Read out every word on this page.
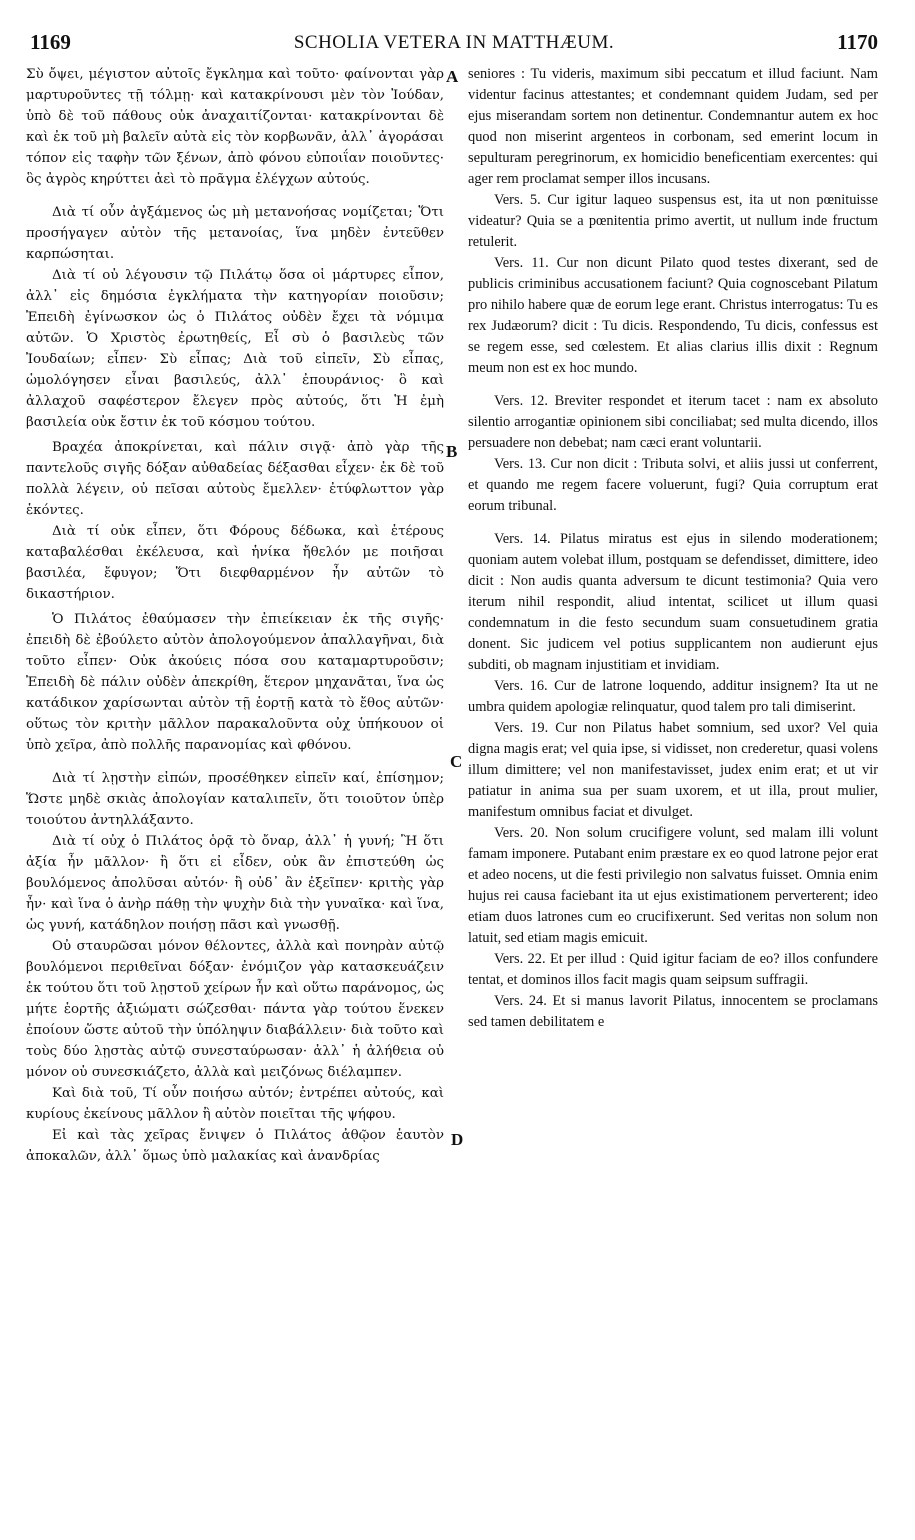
1169	SCHOLIA VETERA IN MATTHÆUM.	1170
A
B
C
D

Σὺ ὄψει, μέγιστον αὐτοῖς ἔγκλημα καὶ τοῦτο· φαίνονται γὰρ μαρτυροῦντες τῇ τόλμῃ· καὶ κατακρίνουσι μὲν τὸν Ἰούδαν, ὑπὸ δὲ τοῦ πάθους οὐκ ἀναχαιτίζονται· κατακρίνονται δὲ καὶ ἐκ τοῦ μὴ βαλεῖν αὐτὰ εἰς τὸν κορβωνᾶν, ἀλλ᾽ ἀγοράσαι τόπον εἰς ταφὴν τῶν ξένων, ἀπὸ φόνου εὐποιΐαν ποιοῦντες· ὃς ἀγρὸς κηρύττει ἀεὶ τὸ πρᾶγμα ἐλέγχων αὐτούς.

Διὰ τί οὖν ἀγξάμενος ὡς μὴ μετανοήσας νομίζεται; Ὅτι προσήγαγεν αὐτὸν τῆς μετανοίας, ἵνα μηδὲν ἐντεῦθεν καρπώσηται.

Διὰ τί οὐ λέγουσιν τῷ Πιλάτῳ ὅσα οἱ μάρτυρες εἶπον, ἀλλ᾽ εἰς δημόσια ἐγκλήματα τὴν κατηγορίαν ποιοῦσιν; Ἐπειδὴ ἐγίνωσκον ὡς ὁ Πιλάτος οὐδὲν ἔχει τὰ νόμιμα αὐτῶν. Ὁ Χριστὸς ἐρωτηθείς, Εἶ σὺ ὁ βασιλεὺς τῶν Ἰουδαίων; εἶπεν· Σὺ εἶπας; Διὰ τοῦ εἰπεῖν, Σὺ εἶπας, ὡμολόγησεν εἶναι βασιλεύς, ἀλλ᾽ ἐπουράνιος· ὃ καὶ ἀλλαχοῦ σαφέστερον ἔλεγεν πρὸς αὐτούς, ὅτι Ἡ ἐμὴ βασιλεία οὐκ ἔστιν ἐκ τοῦ κόσμου τούτου.

Βραχέα ἀποκρίνεται, καὶ πάλιν σιγᾷ· ἀπὸ γὰρ τῆς παντελοῦς σιγῆς δόξαν αὐθαδείας δέξασθαι εἶχεν· ἐκ δὲ τοῦ πολλὰ λέγειν, οὐ πεῖσαι αὐτοὺς ἔμελλεν· ἐτύφλωττον γὰρ ἑκόντες.

Διὰ τί οὐκ εἶπεν, ὅτι Φόρους δέδωκα, καὶ ἑτέρους καταβαλέσθαι ἐκέλευσα, καὶ ἡνίκα ἤθελόν με ποιῆσαι βασιλέα, ἔφυγον; Ὅτι διεφθαρμένον ἦν αὐτῶν τὸ δικαστήριον.

Ὁ Πιλάτος ἐθαύμασεν τὴν ἐπιείκειαν ἐκ τῆς σιγῆς· ἐπειδὴ δὲ ἐβούλετο αὐτὸν ἀπολογούμενον ἀπαλλαγῆναι, διὰ τοῦτο εἶπεν· Οὐκ ἀκούεις πόσα σου καταμαρτυροῦσιν; Ἐπειδὴ δὲ πάλιν οὐδὲν ἀπεκρίθη, ἕτερον μηχανᾶται, ἵνα ὡς κατάδικον χαρίσωνται αὐτὸν τῇ ἑορτῇ κατὰ τὸ ἔθος αὐτῶν· οὕτως τὸν κριτὴν μᾶλλον παρακαλοῦντα οὐχ ὑπήκουον οἱ ὑπὸ χεῖρα, ἀπὸ πολλῆς παρανομίας καὶ φθόνου.

Διὰ τί λῃστὴν εἰπών, προσέθηκεν εἰπεῖν καί, ἐπίσημον; Ὥστε μηδὲ σκιὰς ἀπολογίαν καταλιπεῖν, ὅτι τοιοῦτον ὑπὲρ τοιούτου ἀντηλλάξαντο.

Διὰ τί οὐχ ὁ Πιλάτος ὁρᾷ τὸ ὄναρ, ἀλλ᾽ ἡ γυνή; Ἢ ὅτι ἀξία ἦν μᾶλλον· ἢ ὅτι εἰ εἶδεν, οὐκ ἂν ἐπιστεύθη ὡς βουλόμενος ἀπολῦσαι αὐτόν· ἢ οὐδ᾽ ἂν ἐξεῖπεν· κριτὴς γὰρ ἦν· καὶ ἵνα ὁ ἀνὴρ πάθῃ τὴν ψυχὴν διὰ τὴν γυναῖκα· καὶ ἵνα, ὡς γυνή, κατάδηλον ποιήσῃ πᾶσι καὶ γνωσθῇ.

Οὐ σταυρῶσαι μόνον θέλοντες, ἀλλὰ καὶ πονηρὰν αὐτῷ βουλόμενοι περιθεῖναι δόξαν· ἐνόμιζον γὰρ κατασκευάζειν ἐκ τούτου ὅτι τοῦ λῃστοῦ χείρων ἦν καὶ οὕτω παράνομος, ὡς μήτε ἑορτῆς ἀξιώματι σώζεσθαι· πάντα γὰρ τούτου ἕνεκεν ἐποίουν ὥστε αὐτοῦ τὴν ὑπόληψιν διαβάλλειν· διὰ τοῦτο καὶ τοὺς δύο λῃστὰς αὐτῷ συνεσταύρωσαν· ἀλλ᾽ ἡ ἀλήθεια οὐ μόνον οὐ συνεσκιάζετο, ἀλλὰ καὶ μειζόνως διέλαμπεν.

Καὶ διὰ τοῦ, Τί οὖν ποιήσω αὐτόν; ἐντρέπει αὐτούς, καὶ κυρίους ἐκείνους μᾶλλον ἢ αὐτὸν ποιεῖται τῆς ψήφου.

Εἰ καὶ τὰς χεῖρας ἔνιψεν ὁ Πιλάτος ἀθῷον ἑαυτὸν ἀποκαλῶν, ἀλλ᾽ ὅμως ὑπὸ μαλακίας καὶ ἀνανδρίας

seniores : Tu videris, maximum sibi peccatum et illud faciunt. Nam videntur facinus attestantes; et condemnant quidem Judam, sed per ejus miserandam sortem non detinentur. Condemnantur autem ex hoc quod non miserint argenteos in corbonam, sed emerint locum in sepulturam peregrinorum, ex homicidio beneficentiam exercentes: qui ager rem proclamat semper illos incusans.

Vers. 5. Cur igitur laqueo suspensus est, ita ut non pœnituisse videatur? Quia se a pœnitentia primo avertit, ut nullum inde fructum retulerit.

Vers. 11. Cur non dicunt Pilato quod testes dixerant, sed de publicis criminibus accusationem faciunt? Quia cognoscebant Pilatum pro nihilo habere quæ de eorum lege erant. Christus interrogatus: Tu es rex Judæorum? dicit : Tu dicis. Respondendo, Tu dicis, confessus est se regem esse, sed cœlestem. Et alias clarius illis dixit : Regnum meum non est ex hoc mundo.

Vers. 12. Breviter respondet et iterum tacet : nam ex absoluto silentio arrogantiæ opinionem sibi conciliabat; sed multa dicendo, illos persuadere non debebat; nam cæci erant voluntarii.

Vers. 13. Cur non dicit : Tributa solvi, et aliis jussi ut conferrent, et quando me regem facere voluerunt, fugi? Quia corruptum erat eorum tribunal.

Vers. 14. Pilatus miratus est ejus in silendo moderationem; quoniam autem volebat illum, postquam se defendisset, dimittere, ideo dicit : Non audis quanta adversum te dicunt testimonia? Quia vero iterum nihil respondit, aliud intentat, scilicet ut illum quasi condemnatum in die festo secundum suam consuetudinem gratia donent. Sic judicem vel potius supplicantem non audierunt ejus subditi, ob magnam injustitiam et invidiam.

Vers. 16. Cur de latrone loquendo, additur insignem? Ita ut ne umbra quidem apologiæ relinquatur, quod talem pro tali dimiserint.

Vers. 19. Cur non Pilatus habet somnium, sed uxor? Vel quia digna magis erat; vel quia ipse, si vidisset, non crederetur, quasi volens illum dimittere; vel non manifestavisset, judex enim erat; et ut vir patiatur in anima sua per suam uxorem, et ut illa, prout mulier, manifestum omnibus faciat et divulget.

Vers. 20. Non solum crucifigere volunt, sed malam illi volunt famam imponere. Putabant enim præstare ex eo quod latrone pejor erat et adeo nocens, ut die festi privilegio non salvatus fuisset. Omnia enim hujus rei causa faciebant ita ut ejus existimationem perverterent; ideo etiam duos latrones cum eo crucifixerunt. Sed veritas non solum non latuit, sed etiam magis emicuit.

Vers. 22. Et per illud : Quid igitur faciam de eo? illos confundere tentat, et dominos illos facit magis quam seipsum suffragii.

Vers. 24. Et si manus lavorit Pilatus, innocentem se proclamans sed tamen debilitatem e
